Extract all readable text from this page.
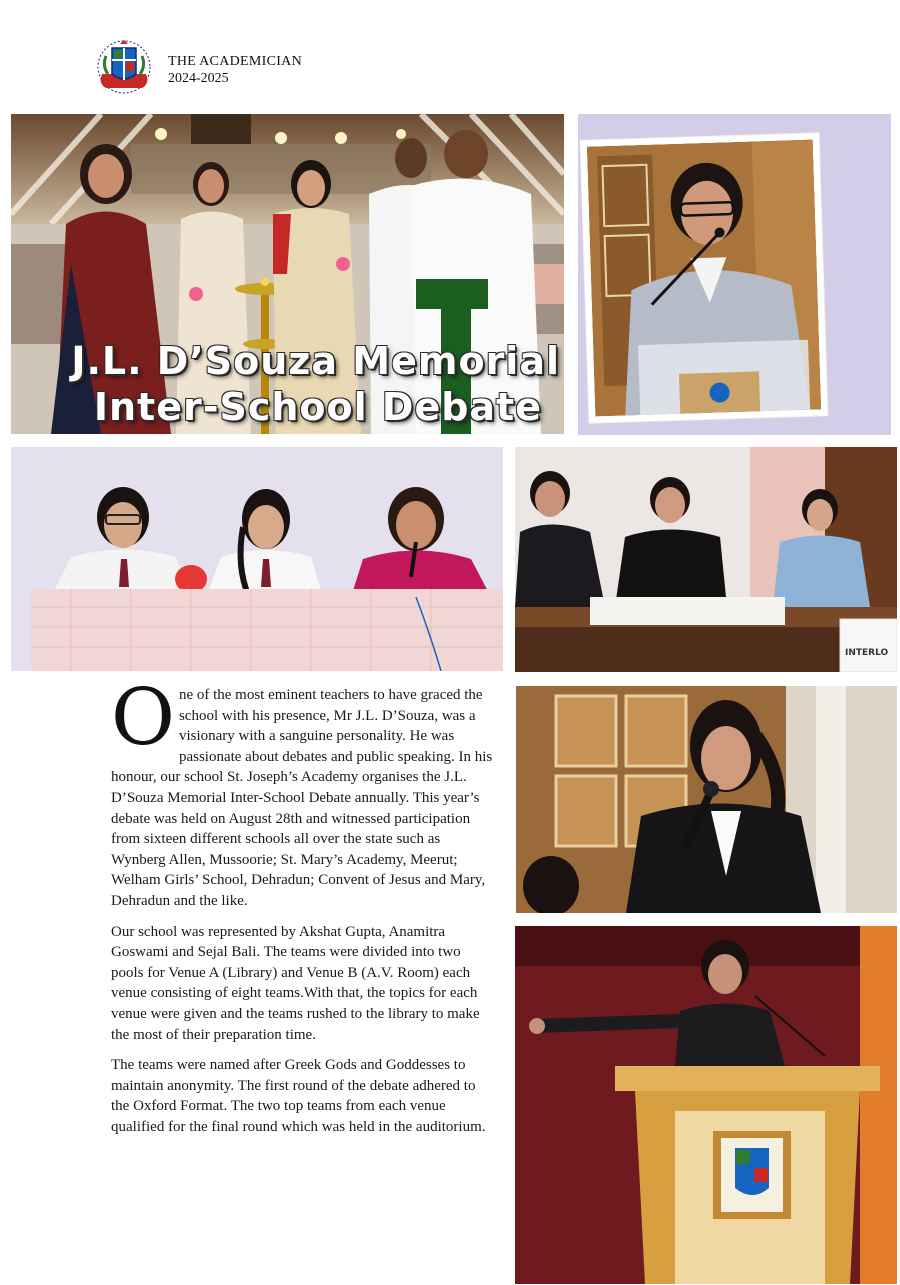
THE ACADEMICIAN
2024-2025
J.L. D’Souza Memorial
Inter-School Debate
INTERLO

One of the most eminent teachers to have graced the school with his presence, Mr J.L. D’Souza, was a visionary with a sanguine personality. He was passionate about debates and public speaking. In his honour, our school St. Joseph’s Academy organises the J.L. D’Souza Memorial Inter-School Debate annually. This year’s debate was held on August 28th and witnessed participation from sixteen different schools all over the state such as Wynberg Allen, Mussoorie; St. Mary’s Academy, Meerut; Welham Girls’ School, Dehradun; Convent of Jesus and Mary, Dehradun and the like.

Our school was represented by Akshat Gupta, Anamitra Goswami and Sejal Bali. The teams were divided into two pools for Venue A (Library) and Venue B (A.V. Room) each venue consisting of eight teams.With that, the topics for each venue were given and the teams rushed to the library to make the most of their preparation time.

The teams were named after Greek Gods and Goddesses to maintain anonymity. The first round of the debate adhered to the Oxford Format. The two top teams from each venue qualified for the final round which was held in the auditorium.
